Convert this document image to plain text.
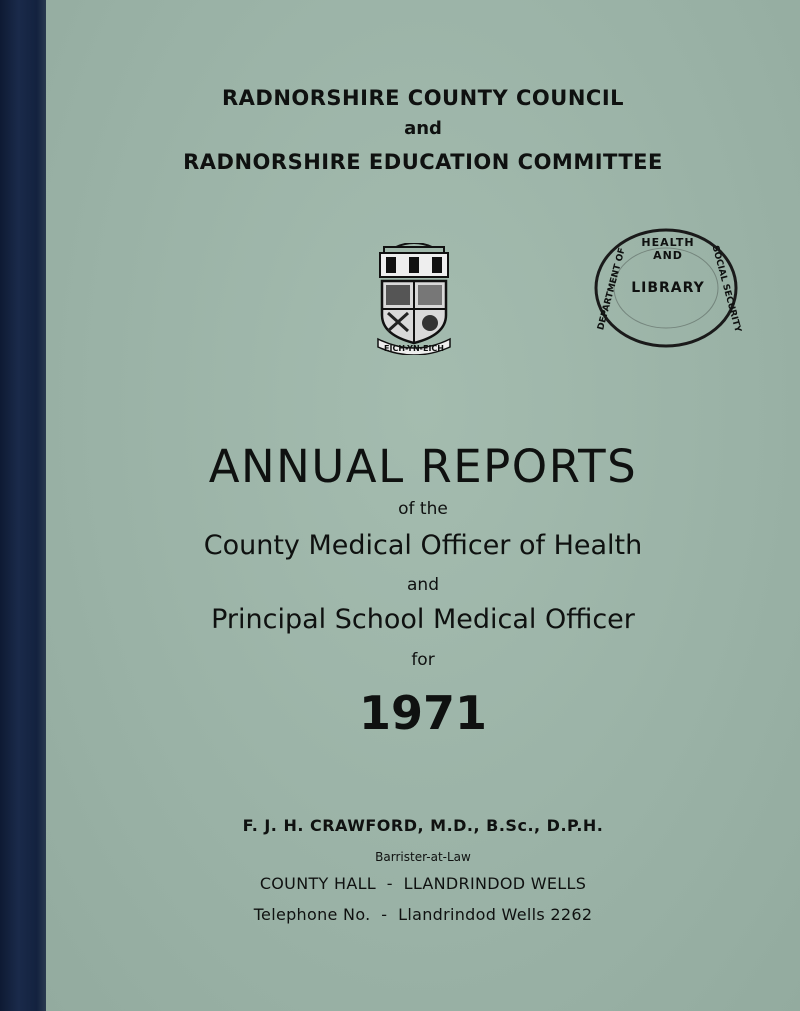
RADNORSHIRE COUNTY COUNCIL
and
RADNORSHIRE EDUCATION COMMITTEE
EICH-YN-EICH
HEALTH AND
LIBRARY
DEPARTMENT OF	SOCIAL SECURITY
ANNUAL REPORTS
of the
County Medical Officer of Health
and
Principal School Medical Officer
for
1971
F. J. H. CRAWFORD, M.D., B.Sc., D.P.H.
Barrister-at-Law
COUNTY HALL  -  LLANDRINDOD WELLS
Telephone No.  -  Llandrindod Wells 2262
